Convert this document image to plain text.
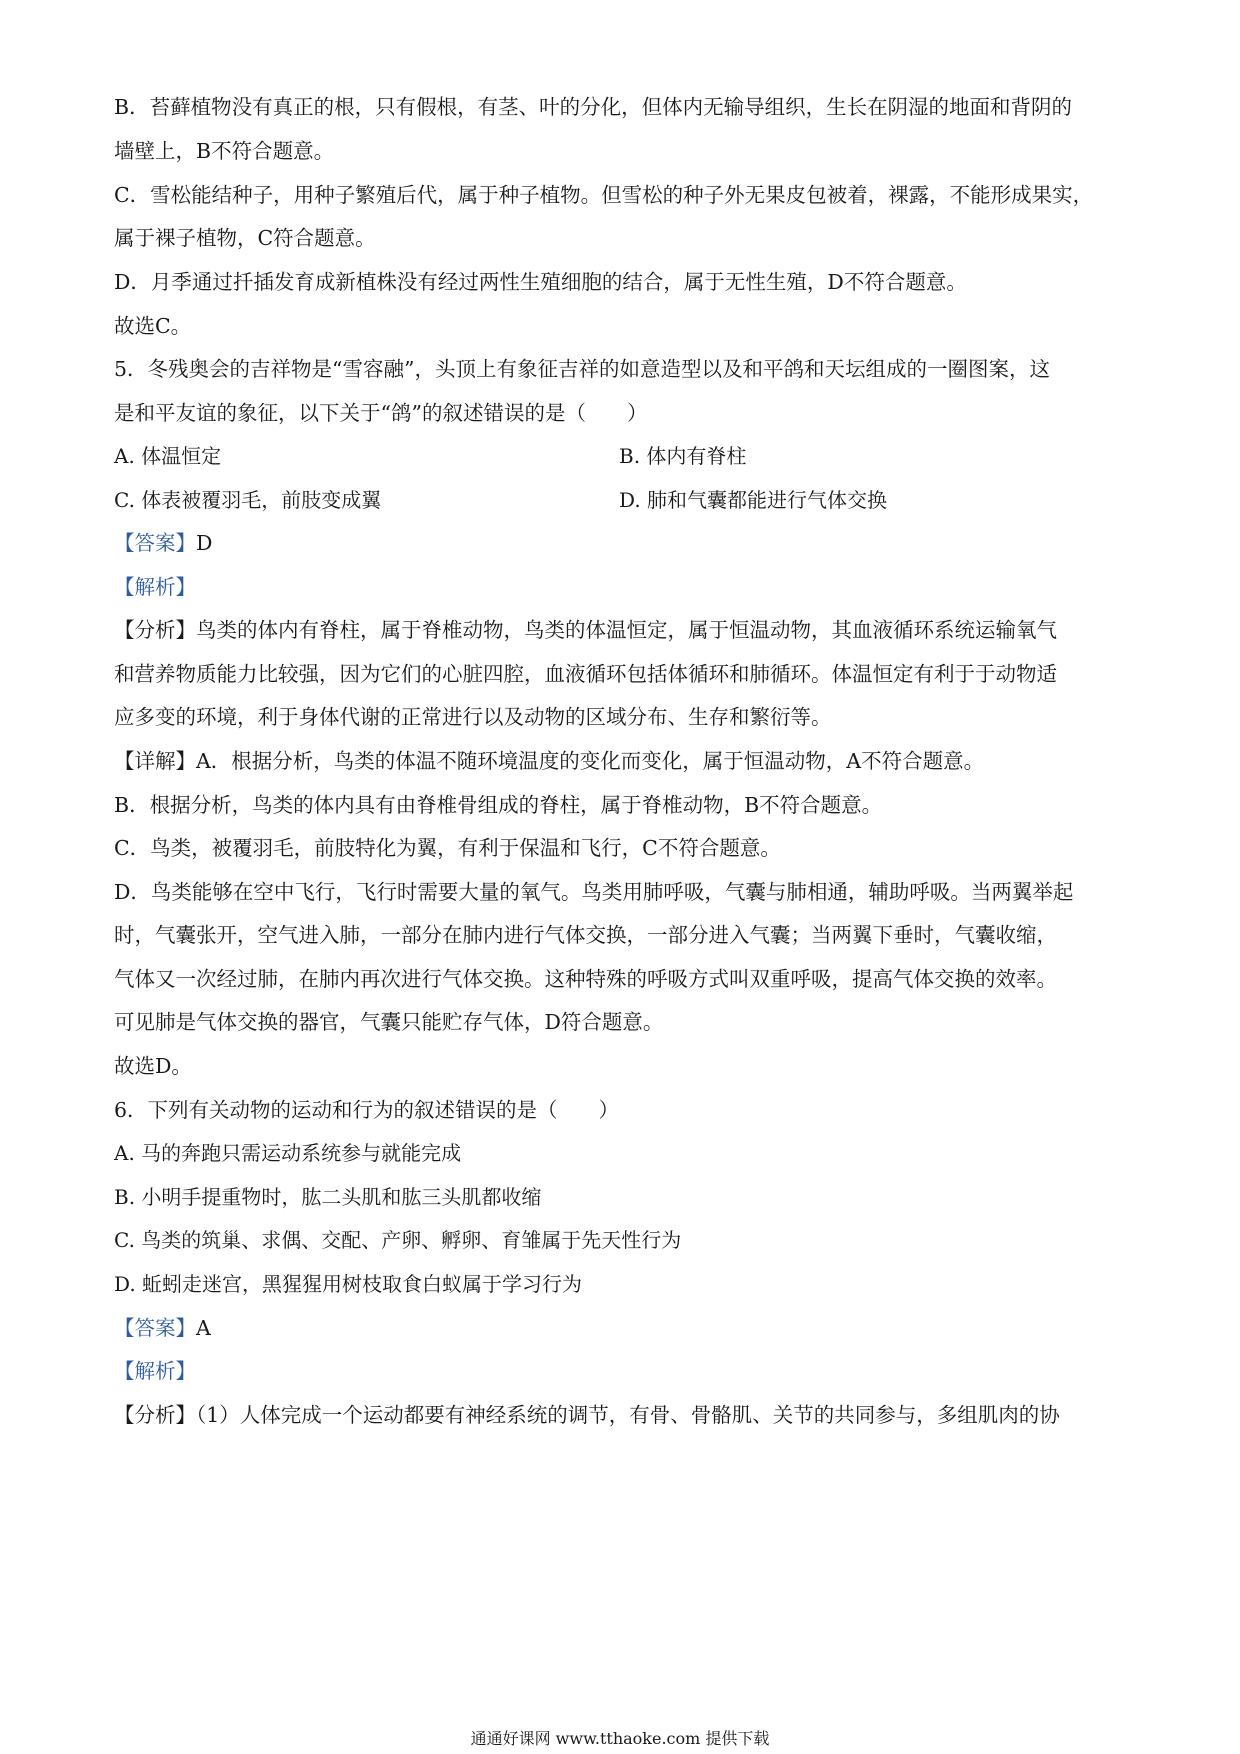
B．苔藓植物没有真正的根，只有假根，有茎、叶的分化，但体内无输导组织，生长在阴湿的地面和背阴的
墙壁上，B不符合题意。
C．雪松能结种子，用种子繁殖后代，属于种子植物。但雪松的种子外无果皮包被着，裸露，不能形成果实，
属于裸子植物，C符合题意。
D．月季通过扦插发育成新植株没有经过两性生殖细胞的结合，属于无性生殖，D不符合题意。
故选C。
5．冬残奥会的吉祥物是“雪容融”，头顶上有象征吉祥的如意造型以及和平鸽和天坛组成的一圈图案，这
是和平友谊的象征，以下关于“鸽”的叙述错误的是（　　）
A. 体温恒定	B. 体内有脊柱
C. 体表被覆羽毛，前肢变成翼	D. 肺和气囊都能进行气体交换
【答案】D
【解析】
【分析】鸟类的体内有脊柱，属于脊椎动物，鸟类的体温恒定，属于恒温动物，其血液循环系统运输氧气
和营养物质能力比较强，因为它们的心脏四腔，血液循环包括体循环和肺循环。体温恒定有利于于动物适
应多变的环境，利于身体代谢的正常进行以及动物的区域分布、生存和繁衍等。
【详解】A．根据分析，鸟类的体温不随环境温度的变化而变化，属于恒温动物，A不符合题意。
B．根据分析，鸟类的体内具有由脊椎骨组成的脊柱，属于脊椎动物，B不符合题意。
C．鸟类，被覆羽毛，前肢特化为翼，有利于保温和飞行，C不符合题意。
D．鸟类能够在空中飞行，飞行时需要大量的氧气。鸟类用肺呼吸，气囊与肺相通，辅助呼吸。当两翼举起
时，气囊张开，空气进入肺，一部分在肺内进行气体交换，一部分进入气囊；当两翼下垂时，气囊收缩，
气体又一次经过肺，在肺内再次进行气体交换。这种特殊的呼吸方式叫双重呼吸，提高气体交换的效率。
可见肺是气体交换的器官，气囊只能贮存气体，D符合题意。
故选D。
6．下列有关动物的运动和行为的叙述错误的是（　　）
A. 马的奔跑只需运动系统参与就能完成
B. 小明手提重物时，肱二头肌和肱三头肌都收缩
C. 鸟类的筑巢、求偶、交配、产卵、孵卵、育雏属于先天性行为
D. 蚯蚓走迷宫，黑猩猩用树枝取食白蚁属于学习行为
【答案】A
【解析】
【分析】（1）人体完成一个运动都要有神经系统的调节，有骨、骨骼肌、关节的共同参与，多组肌肉的协
通通好课网 www.tthaoke.com 提供下载
